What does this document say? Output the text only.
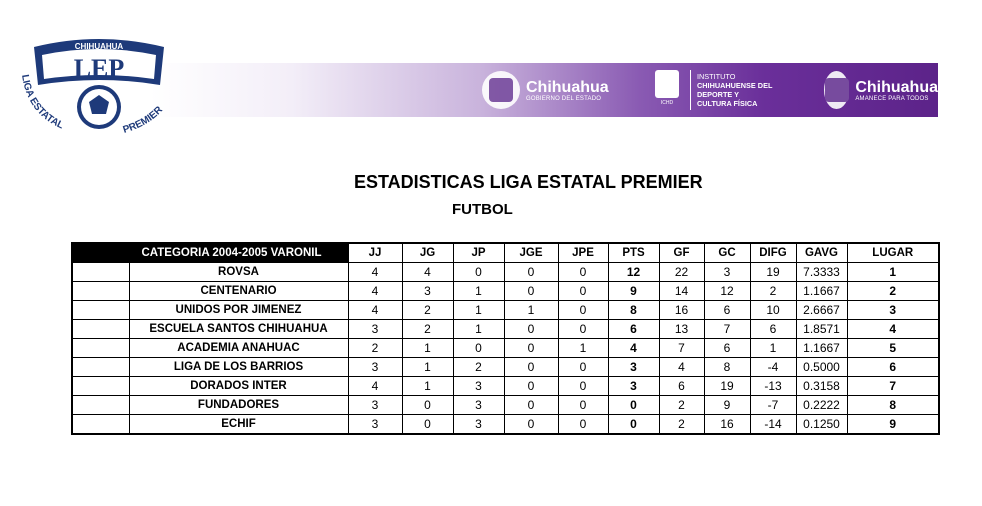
CHIHUAHUA
LEP
LIGA ESTATAL	PREMIER
Chihuahua
GOBIERNO DEL ESTADO
ICHD
INSTITUTO
CHIHUAHUENSE DEL
DEPORTE Y
CULTURA FÍSICA
Chihuahua
AMANECE PARA TODOS
ESTADISTICAS LIGA ESTATAL PREMIER
FUTBOL
	CATEGORIA 2004-2005 VARONIL	JJ	JG	JP	JGE	JPE	PTS	GF	GC	DIFG	GAVG	LUGAR
	ROVSA	4	4	0	0	0	12	22	3	19	7.3333	1
	CENTENARIO	4	3	1	0	0	9	14	12	2	1.1667	2
	UNIDOS POR JIMENEZ	4	2	1	1	0	8	16	6	10	2.6667	3
	ESCUELA SANTOS CHIHUAHUA	3	2	1	0	0	6	13	7	6	1.8571	4
	ACADEMIA ANAHUAC	2	1	0	0	1	4	7	6	1	1.1667	5
	LIGA DE LOS BARRIOS	3	1	2	0	0	3	4	8	-4	0.5000	6
	DORADOS INTER	4	1	3	0	0	3	6	19	-13	0.3158	7
	FUNDADORES	3	0	3	0	0	0	2	9	-7	0.2222	8
	ECHIF	3	0	3	0	0	0	2	16	-14	0.1250	9
